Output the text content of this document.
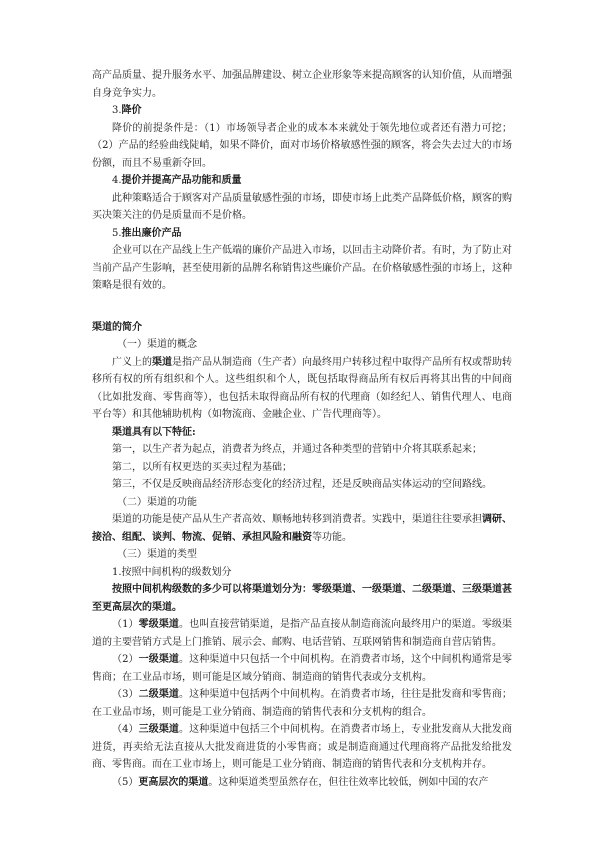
高产品质量、提升服务水平、加强品牌建设、树立企业形象等来提高顾客的认知价值，从而增强自身竞争实力。

3.降价

降价的前提条件是：（1）市场领导者企业的成本本来就处于领先地位或者还有潜力可挖；（2）产品的经验曲线陡峭，如果不降价，面对市场价格敏感性强的顾客，将会失去过大的市场份额，而且不易重新夺回。

4.提价并提高产品功能和质量

此种策略适合于顾客对产品质量敏感性强的市场，即使市场上此类产品降低价格，顾客的购买决策关注的仍是质量而不是价格。

5.推出廉价产品

企业可以在产品线上生产低端的廉价产品进入市场，以回击主动降价者。有时，为了防止对当前产品产生影响，甚至使用新的品牌名称销售这些廉价产品。在价格敏感性强的市场上，这种策略是很有效的。

渠道的简介

（一）渠道的概念

广义上的渠道是指产品从制造商（生产者）向最终用户转移过程中取得产品所有权或帮助转移所有权的所有组织和个人。这些组织和个人，既包括取得商品所有权后再将其出售的中间商（比如批发商、零售商等），也包括未取得商品所有权的代理商（如经纪人、销售代理人、电商平台等）和其他辅助机构（如物流商、金融企业、广告代理商等）。

渠道具有以下特征:

第一，以生产者为起点，消费者为终点，并通过各种类型的营销中介将其联系起来；

第二，以所有权更迭的买卖过程为基础；

第三，不仅是反映商品经济形态变化的经济过程，还是反映商品实体运动的空间路线。

（二）渠道的功能

渠道的功能是使产品从生产者高效、顺畅地转移到消费者。实践中，渠道往往要承担调研、接洽、组配、谈判、物流、促销、承担风险和融资等功能。

（三）渠道的类型

1.按照中间机构的级数划分

按照中间机构级数的多少可以将渠道划分为：零级渠道、一级渠道、二级渠道、三级渠道甚至更高层次的渠道。

（1）零级渠道。也叫直接营销渠道，是指产品直接从制造商流向最终用户的渠道。零级渠道的主要营销方式是上门推销、展示会、邮购、电话营销、互联网销售和制造商自营店销售。

（2）一级渠道。这种渠道中只包括一个中间机构。在消费者市场，这个中间机构通常是零售商；在工业品市场，则可能是区域分销商、制造商的销售代表或分支机构。

（3）二级渠道。这种渠道中包括两个中间机构。在消费者市场，往往是批发商和零售商；在工业品市场，则可能是工业分销商、制造商的销售代表和分支机构的组合。

（4）三级渠道。这种渠道中包括三个中间机构。在消费者市场上，专业批发商从大批发商进货，再卖给无法直接从大批发商进货的小零售商；或是制造商通过代理商将产品批发给批发商、零售商。而在工业市场上，则可能是工业分销商、制造商的销售代表和分支机构并存。

（5）更高层次的渠道。这种渠道类型虽然存在，但往往效率比较低，例如中国的农产
